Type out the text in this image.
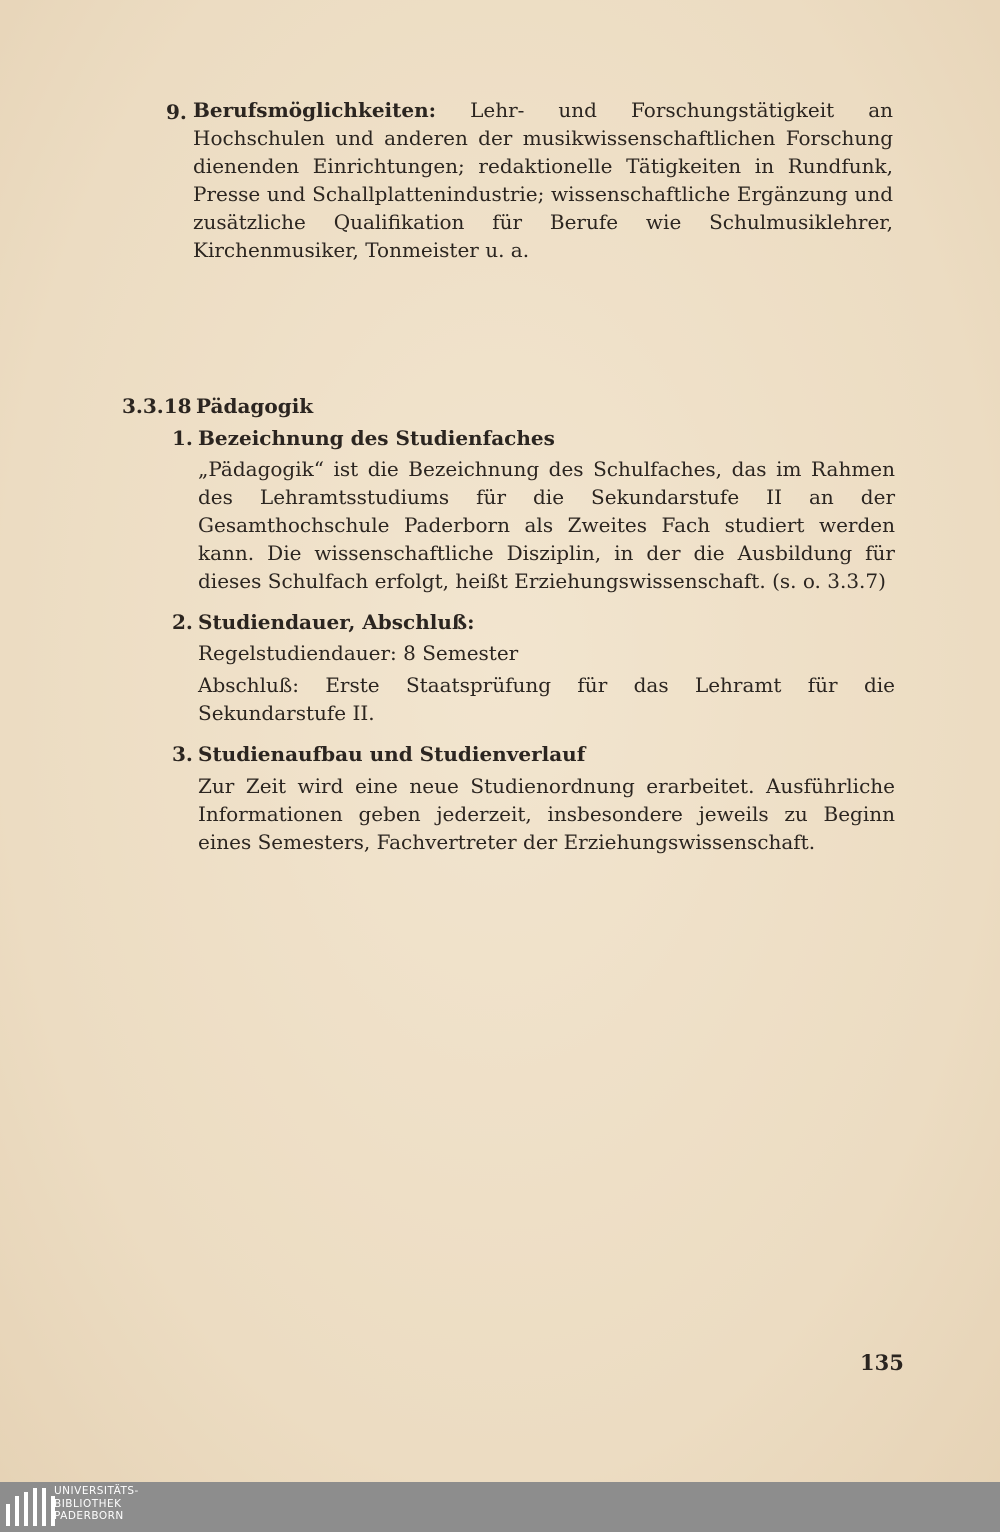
9. Berufsmöglichkeiten: Lehr- und Forschungstätigkeit an Hochschulen und anderen der musikwissenschaftlichen Forschung dienenden Einrichtungen; redaktionelle Tätigkeiten in Rundfunk, Presse und Schallplattenindustrie; wissenschaftliche Ergänzung und zusätzliche Qualifikation für Berufe wie Schulmusiklehrer, Kirchenmusiker, Tonmeister u. a.
3.3.18 Pädagogik
1. Bezeichnung des Studienfaches
„Pädagogik“ ist die Bezeichnung des Schulfaches, das im Rahmen des Lehramtsstudiums für die Sekundarstufe II an der Gesamthochschule Paderborn als Zweites Fach studiert werden kann. Die wissenschaftliche Disziplin, in der die Ausbildung für dieses Schulfach erfolgt, heißt Erziehungswissenschaft. (s. o. 3.3.7)
2. Studiendauer, Abschluß:
Regelstudiendauer: 8 Semester
Abschluß: Erste Staatsprüfung für das Lehramt für die Sekundarstufe II.
3. Studienaufbau und Studienverlauf
Zur Zeit wird eine neue Studienordnung erarbeitet. Ausführliche Informationen geben jederzeit, insbesondere jeweils zu Beginn eines Semesters, Fachvertreter der Erziehungswissenschaft.
135
UNIVERSITÄTS-
BIBLIOTHEK
PADERBORN
